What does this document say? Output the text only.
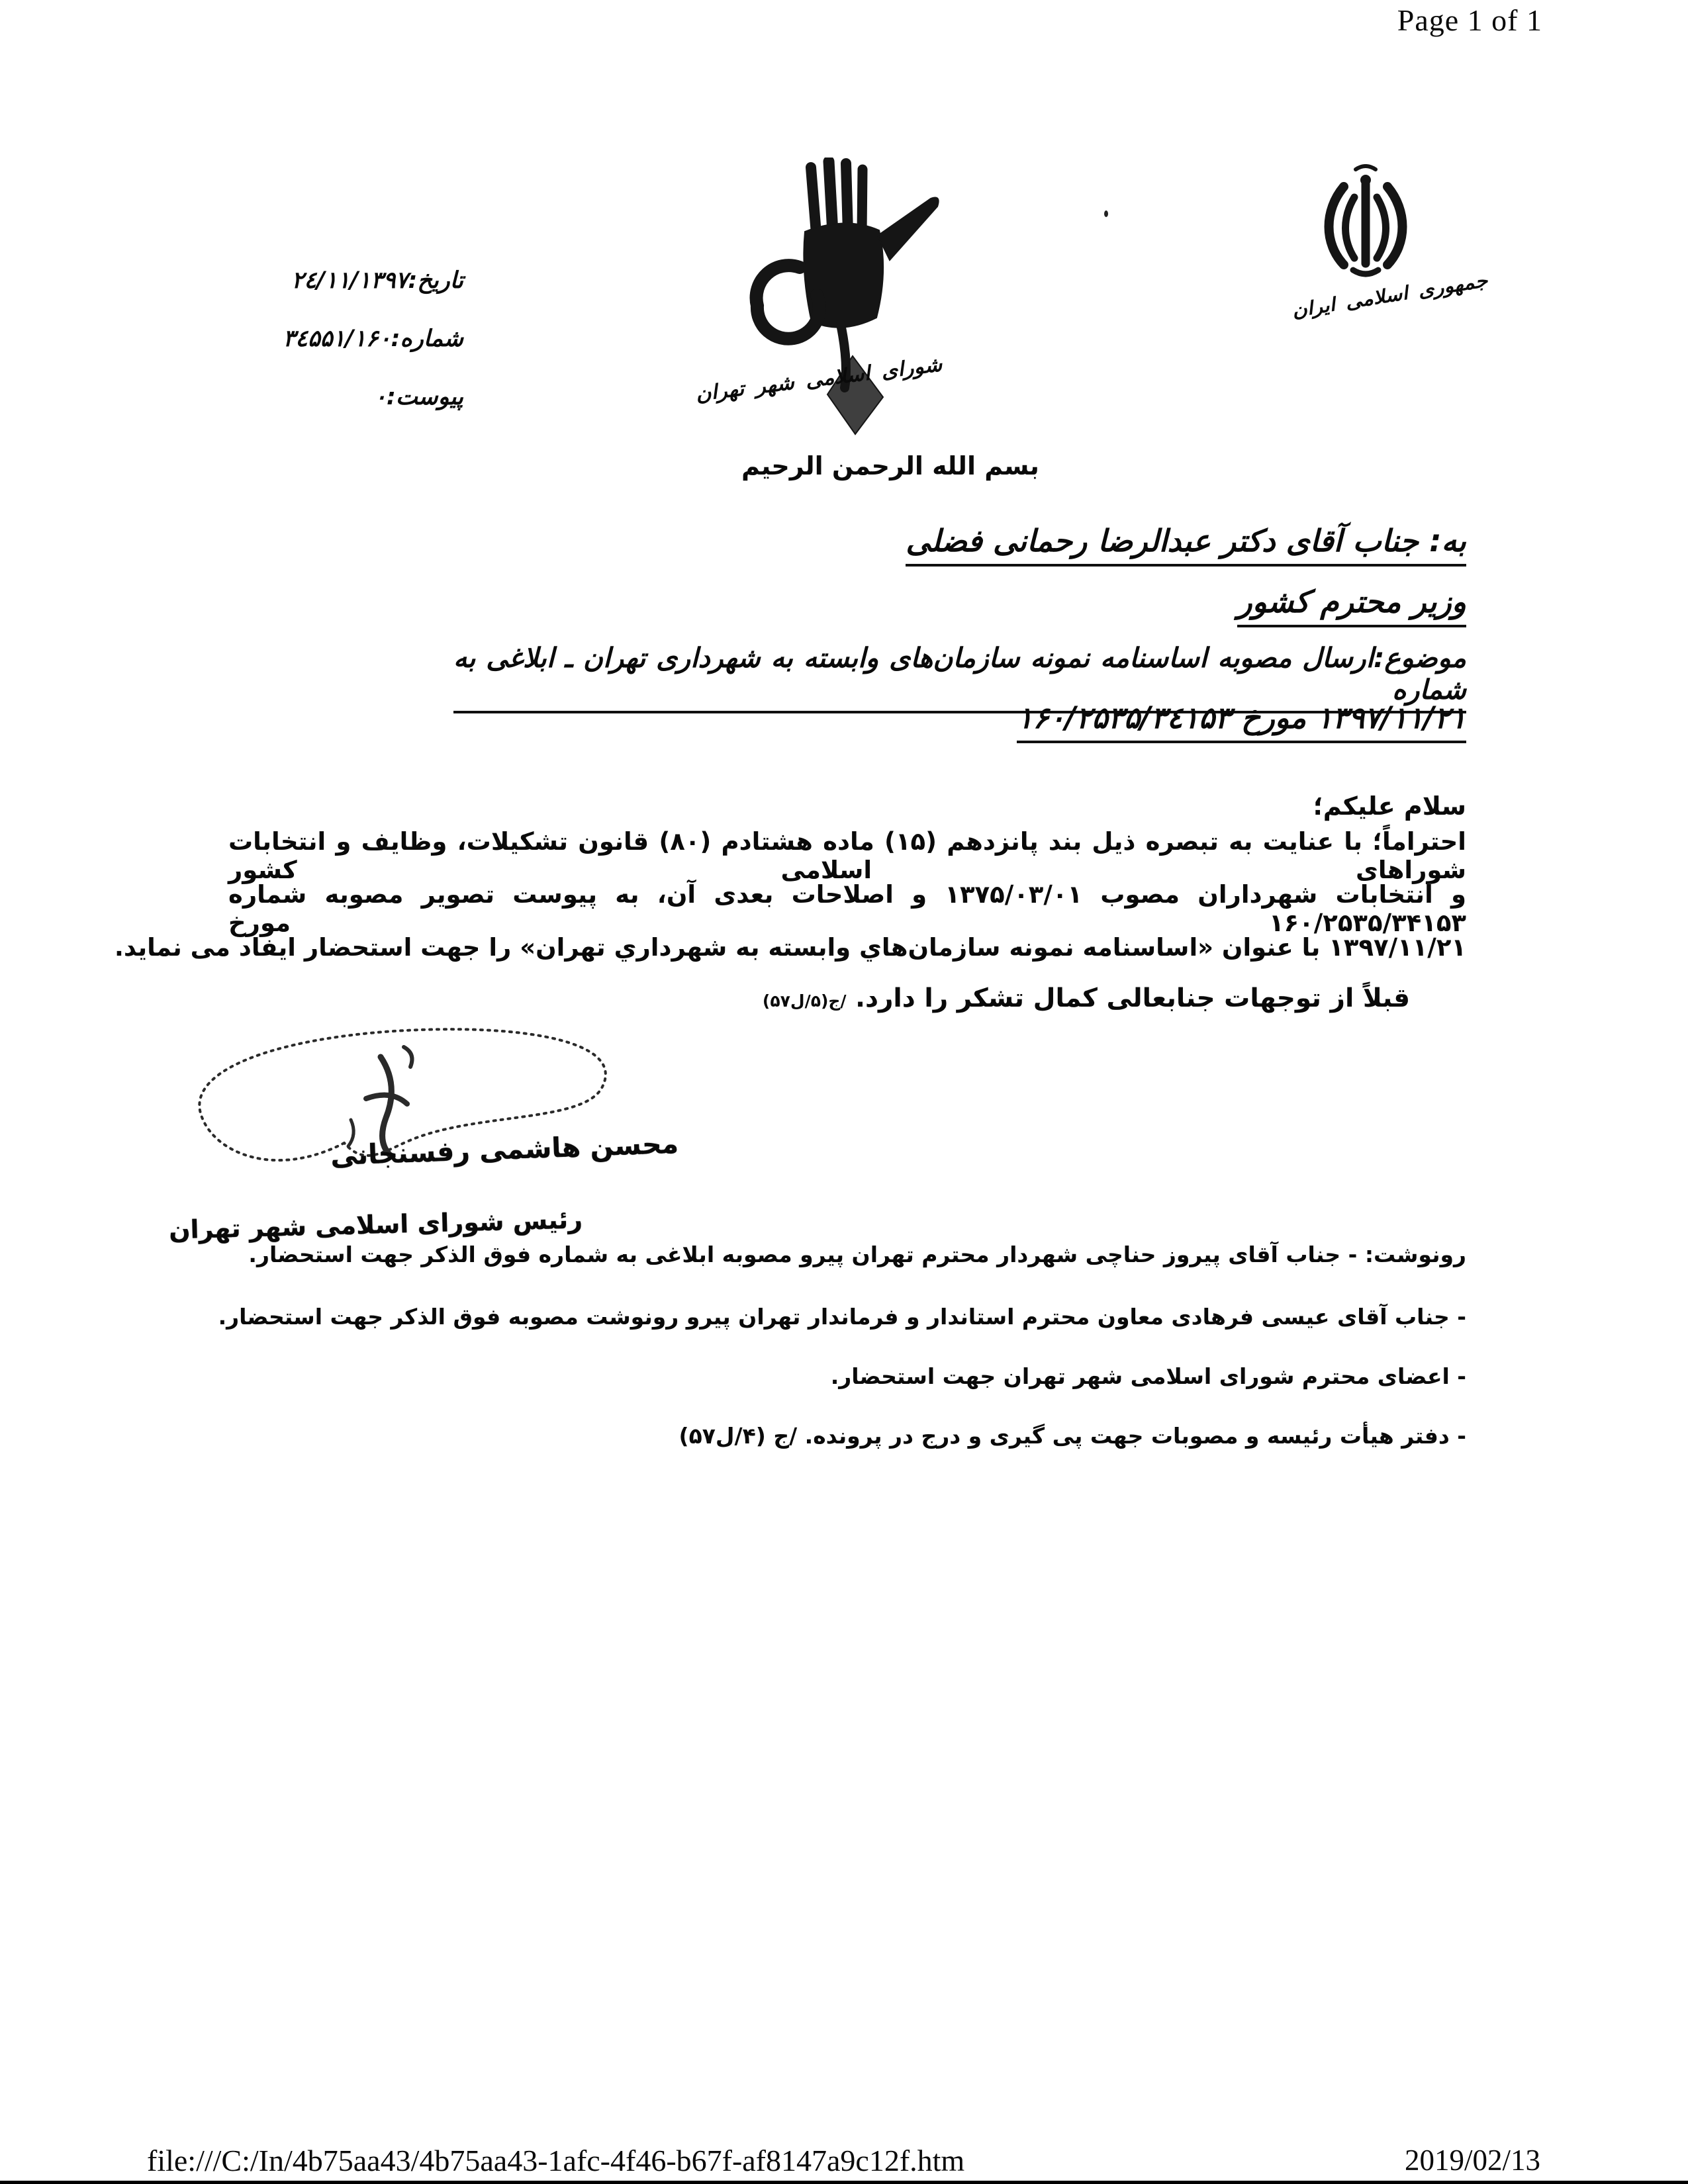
Page 1 of 1
تاریخ:۲٤/۱۱/۱۳۹۷
شماره:۳٤۵۵۱/۱۶۰
پیوست:۰	شورای اسلامی شهر تهران
جمهوری اسلامی ایران
بسم الله الرحمن الرحیم
به: جناب آقای دکتر عبدالرضا رحمانی فضلی
وزیر محترم کشور
موضوع:ارسال مصوبه اساسنامه نمونه سازمان‌های وابسته به شهرداری تهران ـ ابلاغی به شماره
۱۳۹۷/۱۱/۲۱ مورخ ۱۶۰/۲۵۳۵/۳٤۱۵۳
سلام علیکم؛
احتراماً؛ با عنایت به تبصره ذیل بند پانزدهم (۱۵) ماده هشتادم (۸۰) قانون تشکیلات، وظایف و انتخابات شوراهای اسلامی کشور
و انتخابات شهرداران مصوب ۱۳۷۵/۰۳/۰۱ و اصلاحات بعدی آن، به پیوست تصویر مصوبه شماره ۱۶۰/۲۵۳۵/۳۴۱۵۳ مورخ
۱۳۹۷/۱۱/۲۱ با عنوان «اساسنامه نمونه سازمان‌هاي وابسته به شهرداري تهران» را جهت استحضار ایفاد می نماید.
قبلاً از توجهات جنابعالی کمال تشکر را دارد. /ج(۵/ل۵۷)
محسن هاشمی رفسنجانی
رئیس شورای اسلامی شهر تهران
رونوشت: - جناب آقای پیروز حناچی شهردار محترم تهران پیرو مصوبه ابلاغی به شماره فوق الذکر جهت استحضار.
- جناب آقای عیسی فرهادی معاون محترم استاندار و فرماندار تهران پیرو رونوشت مصوبه فوق الذکر جهت استحضار.
- اعضای محترم شورای اسلامی شهر تهران جهت استحضار.
- دفتر هیأت رئیسه و مصوبات جهت پی گیری و درج در پرونده. /ج (۴/ل۵۷)
file:///C:/In/4b75aa43/4b75aa43-1afc-4f46-b67f-af8147a9c12f.htm	2019/02/13
